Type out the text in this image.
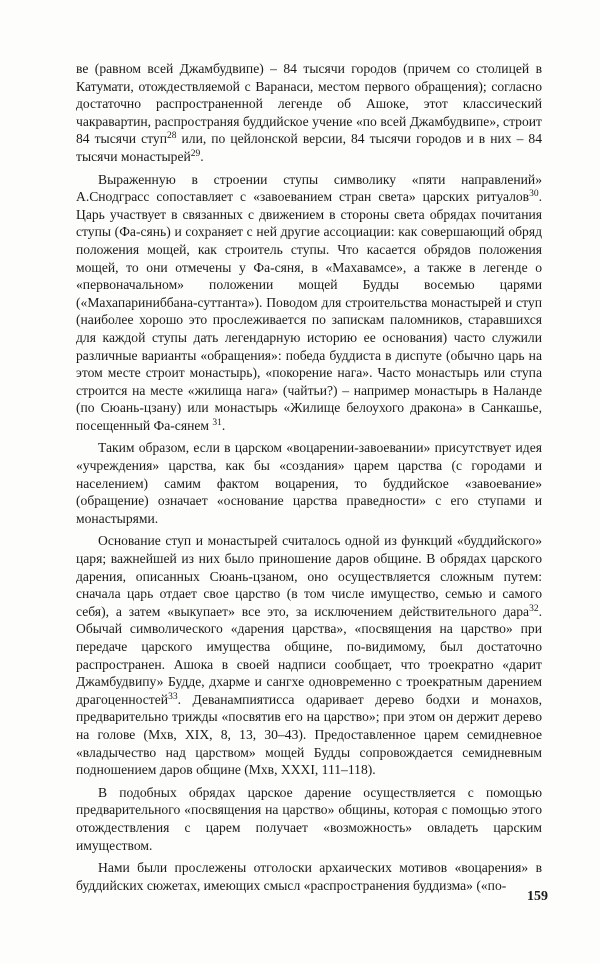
ве (равном всей Джамбудвипе) – 84 тысячи городов (причем со столицей в Катумати, отождествляемой с Варанаси, местом первого обращения); согласно достаточно распространенной легенде об Ашоке, этот классический чакравартин, распространяя буддийское учение «по всей Джамбудвипе», строит 84 тысячи ступ$^{28}$ или, по цейлонской версии, 84 тысячи городов и в них – 84 тысячи монастырей$^{29}$.

Выраженную в строении ступы символику «пяти направлений» А.Снодграсс сопоставляет с «завоеванием стран света» царских ритуалов$^{30}$. Царь участвует в связанных с движением в стороны света обрядах почитания ступы (Фа-сянь) и сохраняет с ней другие ассоциации: как совершающий обряд положения мощей, как строитель ступы. Что касается обрядов положения мощей, то они отмечены у Фа-сяня, в «Махавамсе», а также в легенде о «первоначальном» положении мощей Будды восемью царями («Махапариниббана-суттанта»). Поводом для строительства монастырей и ступ (наиболее хорошо это прослеживается по запискам паломников, старавшихся для каждой ступы дать легендарную историю ее основания) часто служили различные варианты «обращения»: победа буддиста в диспуте (обычно царь на этом месте строит монастырь), «покорение нага». Часто монастырь или ступа строится на месте «жилища нага» (чайтьи?) – например монастырь в Наланде (по Сюань-цзану) или монастырь «Жилище белоухого дракона» в Санкашье, посещенный Фа-сянем $^{31}$.

Таким образом, если в царском «воцарении-завоевании» присутствует идея «учреждения» царства, как бы «создания» царем царства (с городами и населением) самим фактом воцарения, то буддийское «завоевание» (обращение) означает «основание царства праведности» с его ступами и монастырями.

Основание ступ и монастырей считалось одной из функций «буддийского» царя; важнейшей из них было приношение даров общине. В обрядах царского дарения, описанных Сюань-цзаном, оно осуществляется сложным путем: сначала царь отдает свое царство (в том числе имущество, семью и самого себя), а затем «выкупает» все это, за исключением действительного дара$^{32}$. Обычай символического «дарения царства», «посвящения на царство» при передаче царского имущества общине, по-видимому, был достаточно распространен. Ашока в своей надписи сообщает, что троекратно «дарит Джамбудвипу» Будде, дхарме и сангхе одновременно с троекратным дарением драгоценностей$^{33}$. Деванампиятисса одаривает дерево бодхи и монахов, предварительно трижды «посвятив его на царство»; при этом он держит дерево на голове (Мхв, XIX, 8, 13, 30–43). Предоставленное царем семидневное «владычество над царством» мощей Будды сопровождается семидневным подношением даров общине (Мхв, XXXI, 111–118).

В подобных обрядах царское дарение осуществляется с помощью предварительного «посвящения на царство» общины, которая с помощью этого отождествления с царем получает «возможность» овладеть царским имуществом.

Нами были прослежены отголоски архаических мотивов «воцарения» в буддийских сюжетах, имеющих смысл «распространения буддизма» («по-

159
